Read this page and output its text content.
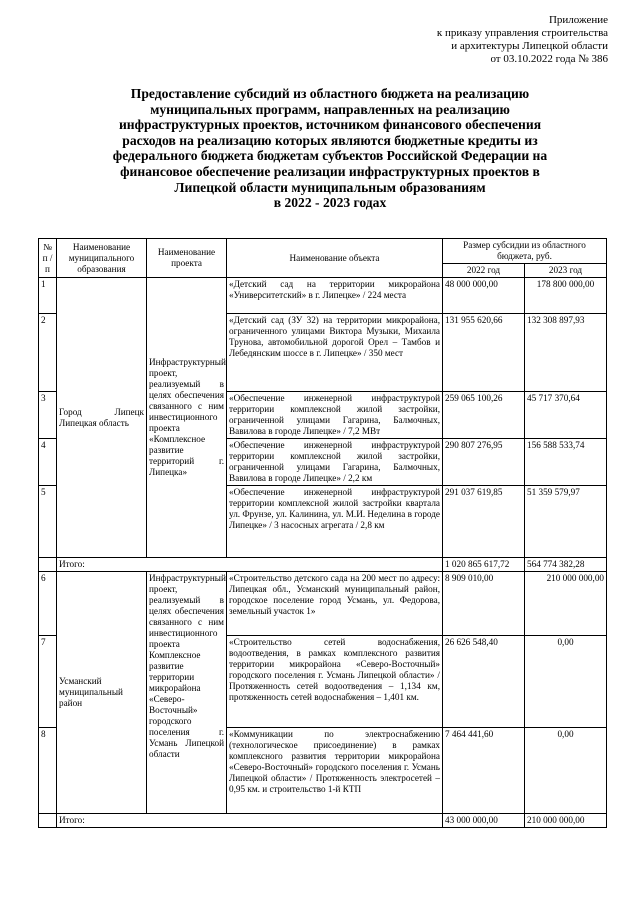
Приложение
к приказу управления строительства
и архитектуры Липецкой области
от 03.10.2022 года № 386
Предоставление субсидий из областного бюджета на реализацию
муниципальных программ, направленных на реализацию
инфраструктурных проектов, источником финансового обеспечения
расходов на реализацию которых являются бюджетные кредиты из
федерального бюджета бюджетам субъектов Российской Федерации на
финансовое обеспечение реализации инфраструктурных проектов в
Липецкой области муниципальным образованиям
в 2022 - 2023 годах
№ п / п	Наименование муниципального образования	Наименование проекта	Наименование объекта	Размер субсидии из областного бюджета, руб.	
				2022 год	2023 год
1	Город Липецк Липецкая область	Инфраструктурный проект, реализуемый в целях обеспечения связанного с ним инвестиционного проекта «Комплексное развитие территорий г. Липецка»	«Детский сад на территории микрорайона «Университетский» в г. Липецке» / 224 места	48 000 000,00	178 800 000,00
2			«Детский сад (ЗУ 32) на территории микрорайона, ограниченного улицами Виктора Музыки, Михаила Трунова, автомобильной дорогой Орел – Тамбов и Лебедянским шоссе в г. Липецке» / 350 мест	131 955 620,66	132 308 897,93
3			«Обеспечение инженерной инфраструктурой территории комплексной жилой застройки, ограниченной улицами Гагарина, Балмочных, Вавилова в городе Липецке» / 7,2 МВт	259 065 100,26	45 717 370,64
4			«Обеспечение инженерной инфраструктурой территории комплексной жилой застройки, ограниченной улицами Гагарина, Балмочных, Вавилова в городе Липецке» / 2,2 км	290 807 276,95	156 588 533,74
5			«Обеспечение инженерной инфраструктурой территории комплексной жилой застройки квартала ул. Фрунзе, ул. Калинина, ул. М.И. Неделина в городе Липецке» / 3 насосных агрегата / 2,8 км	291 037 619,85	51 359 579,97
	Итого:			1 020 865 617,72	564 774 382,28
6	Усманский муниципальный район	Инфраструктурный проект, реализуемый в целях обеспечения связанного с ним инвестиционного проекта Комплексное развитие территории микрорайона «Северо-Восточный» городского поселения г. Усмань Липецкой области	«Строительство детского сада на 200 мест по адресу: Липецкая обл., Усманский муниципальный район, городское поселение город Усмань, ул. Федорова, земельный участок 1»	8 909 010,00	210 000 000,00
7			«Строительство сетей водоснабжения, водоотведения, в рамках комплексного развития территории микрорайона «Северо-Восточный» городского поселения г. Усмань Липецкой области» / Протяженность сетей водоотведения – 1,134 км, протяженность сетей водоснабжения – 1,401 км.	26 626 548,40	0,00
8			«Коммуникации по электроснабжению (технологическое присоединение) в рамках комплексного развития территории микрорайона «Северо-Восточный» городского поселения г. Усмань Липецкой области» / Протяженность электросетей – 0,95 км. и строительство 1-й КТП	7 464 441,60	0,00
	Итого:			43 000 000,00	210 000 000,00
